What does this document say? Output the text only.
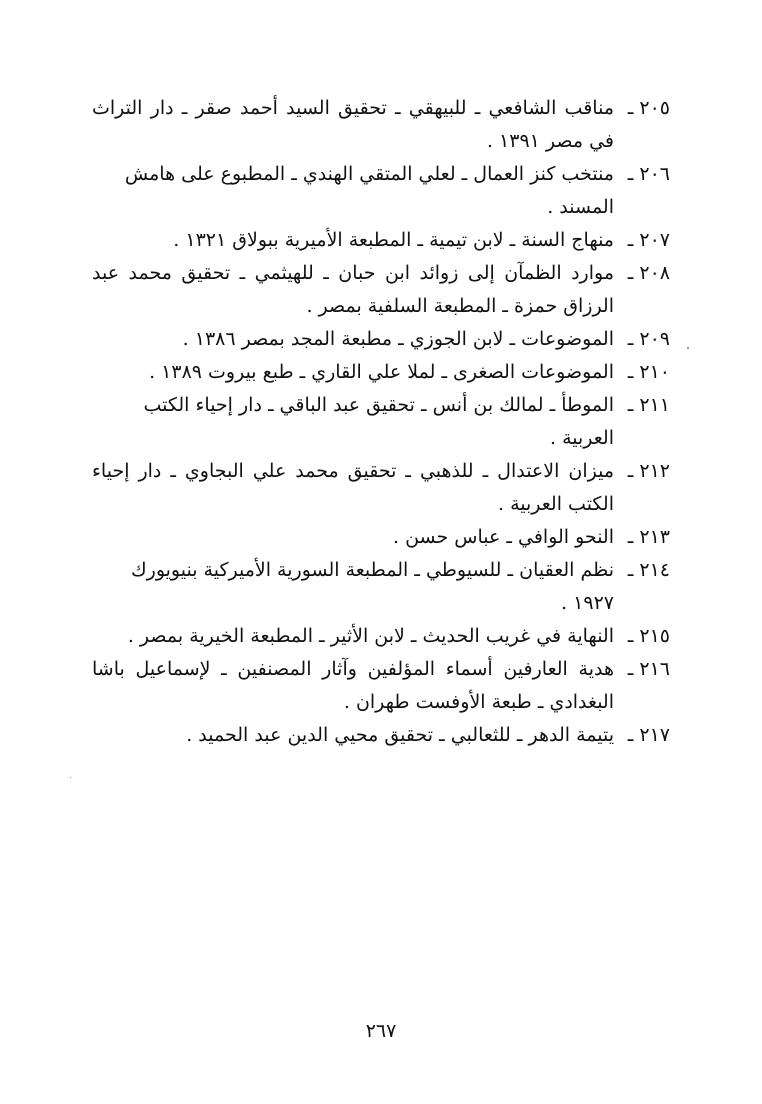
٢٠٥ ـ
مناقب الشافعي ـ للبيهقي ـ تحقيق السيد أحمد صقر ـ دار التراث في مصر ١٣٩١ .
٢٠٦ ـ
منتخب كنز العمال ـ لعلي المتقي الهندي ـ المطبوع على هامش المسند .
٢٠٧ ـ
منهاج السنة ـ لابن تيمية ـ المطبعة الأميرية ببولاق ١٣٢١ .
٢٠٨ ـ
موارد الظمآن إلى زوائد ابن حبان ـ للهيثمي ـ تحقيق محمد عبد الرزاق حمزة ـ المطبعة السلفية بمصر .
٢٠٩ ـ
الموضوعات ـ لابن الجوزي ـ مطبعة المجد بمصر ١٣٨٦ .
٢١٠ ـ
الموضوعات الصغرى ـ لملا علي القاري ـ طبع بيروت ١٣٨٩ .
٢١١ ـ
الموطأ ـ لمالك بن أنس ـ تحقيق عبد الباقي ـ دار إحياء الكتب العربية .
٢١٢ ـ
ميزان الاعتدال ـ للذهبي ـ تحقيق محمد علي البجاوي ـ دار إحياء الكتب العربية .
٢١٣ ـ
النحو الوافي ـ عباس حسن .
٢١٤ ـ
نظم العقيان ـ للسيوطي ـ المطبعة السورية الأميركية بنيويورك ١٩٢٧ .
٢١٥ ـ
النهاية في غريب الحديث ـ لابن الأثير ـ المطبعة الخيرية بمصر .
٢١٦ ـ
هدية العارفين أسماء المؤلفين وآثار المصنفين ـ لإسماعيل باشا البغدادي ـ طبعة الأوفست طهران .
٢١٧ ـ
يتيمة الدهر ـ للثعالبي ـ تحقيق محيي الدين عبد الحميد .
٢٦٧
